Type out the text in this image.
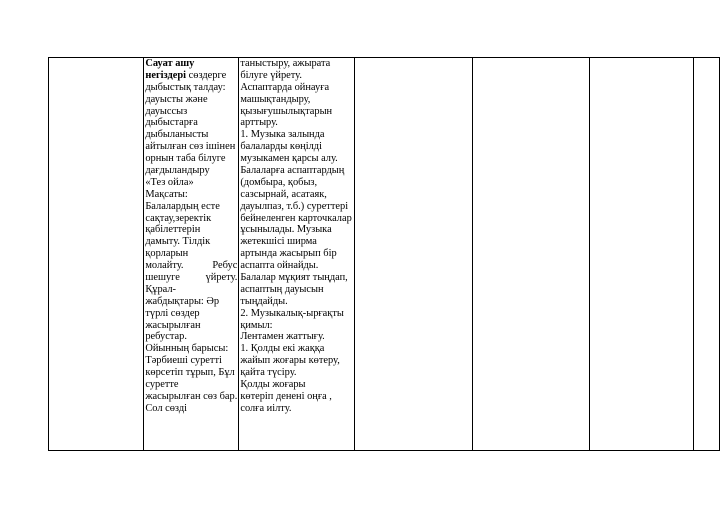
Сауат ашу
негіздері сөздерге
дыбыстық талдау:
дауысты және
дауыссыз
дыбыстарға
дыбыланысты
айтылған сөз ішінен
орнын таба білуге
дағдыландыру
«Тез ойла»
Мақсаты:
Балалардың есте
сақтау,зеректік
қабілеттерін
дамыту. Тілдік
қорларын
молайту.	Ребус
шешуге үйрету.
Құрал-
жабдықтары: Әр
түрлі сөздер
жасырылған
ребустар.
Ойынның барысы:
Тәрбиеші суретті
көрсетіп тұрып, Бұл
суретте
жасырылған сөз бар.
Сол сөзді

таныстыру, ажырата
білуге үйрету.
Аспаптарда ойнауға
машықтандыру,
қызығушылықтарын
арттыру.
1. Музыка залында
балаларды көңілді
музыкамен қарсы алу.
Балаларға аспаптардың
(домбыра, қобыз,
сазсырнай, асатаяк,
дауылпаз, т.б.) суреттері
бейнеленген карточкалар
ұсынылады. Музыка
жетекшісі ширма
артында жасырып бір
аспапта ойнайды.
Балалар мұқият тыңдап,
аспаптың дауысын
тыңдайды.
2. Музыкалық-ырғақты
қимыл:
Лентамен жаттығу.
1. Қолды екі жаққа
жайып жоғары көтеру,
қайта түсіру.
Қолды жоғары
көтеріп денені оңға ,
солға иілту.
